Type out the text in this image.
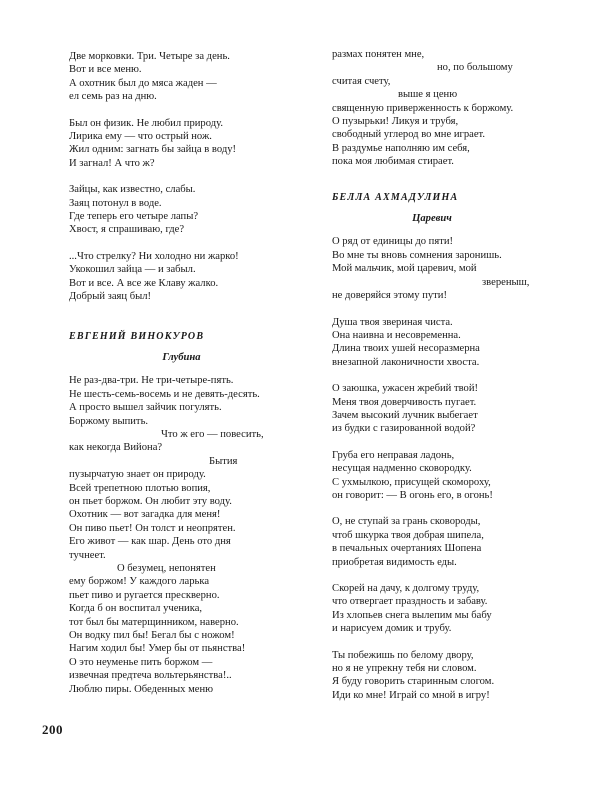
Две морковки. Три. Четыре за день.
Вот и все меню.
А охотник был до мяса жаден —
ел семь раз на дню.
Был он физик. Не любил природу.
Лирика ему — что острый нож.
Жил одним: загнать бы зайца в воду!
И загнал! А что ж?
Зайцы, как известно, слабы.
Заяц потонул в воде.
Где теперь его четыре лапы?
Хвост, я спрашиваю, где?
...Что стрелку? Ни холодно ни жарко!
Укокошил зайца — и забыл.
Вот и все. А все же Клаву жалко.
Добрый заяц был!
ЕВГЕНИЙ ВИНОКУРОВ
Глубина
Не раз-два-три. Не три-четыре-пять.
Не шесть-семь-восемь и не девять-десять.
А просто вышел зайчик погулять.
Боржому выпить.
Что ж его — повесить,
как некогда Вийона?
Бытия
пузырчатую знает он природу.
Всей трепетною плотью вопия,
он пьет боржом. Он любит эту воду.
Охотник — вот загадка для меня!
Он пиво пьет! Он толст и неопрятен.
Его живот — как шар. День ото дня
тучнеет.
О безумец, непонятен
ему боржом! У каждого ларька
пьет пиво и ругается прескверно.
Когда б он воспитал ученика,
тот был бы матерщинником, наверно.
Он водку пил бы! Бегал бы с ножом!
Нагим ходил бы! Умер бы от пьянства!
О это неуменье пить боржом —
извечная предтеча вольтерьянства!..
Люблю пиры. Обеденных меню
размах понятен мне,
но, по большому
считая счету,
выше я ценю
священную приверженность к боржому.
О пузырьки! Ликуя и трубя,
свободный углерод во мне играет.
В раздумье наполняю им себя,
пока моя любимая стирает.
БЕЛЛА АХМАДУЛИНА
Царевич
О ряд от единицы до пяти!
Во мне ты вновь сомнения заронишь.
Мой мальчик, мой царевич, мой
звереныш,
не доверяйся этому пути!
Душа твоя звериная чиста.
Она наивна и несовременна.
Длина твоих ушей несоразмерна
внезапной лаконичности хвоста.
О заюшка, ужасен жребий твой!
Меня твоя доверчивость пугает.
Зачем высокий лучник выбегает
из будки с газированной водой?
Груба его неправая ладонь,
несущая надменно сковородку.
С ухмылкою, присущей скомороху,
он говорит: — В огонь его, в огонь!
О, не ступай за грань сковороды,
чтоб шкурка твоя добрая шипела,
в печальных очертаниях Шопена
приобретая видимость еды.
Скорей на дачу, к долгому труду,
что отвергает праздность и забаву.
Из хлопьев снега вылепим мы бабу
и нарисуем домик и трубу.
Ты побежишь по белому двору,
но я не упрекну тебя ни словом.
Я буду говорить старинным слогом.
Иди ко мне! Играй со мной в игру!
200
